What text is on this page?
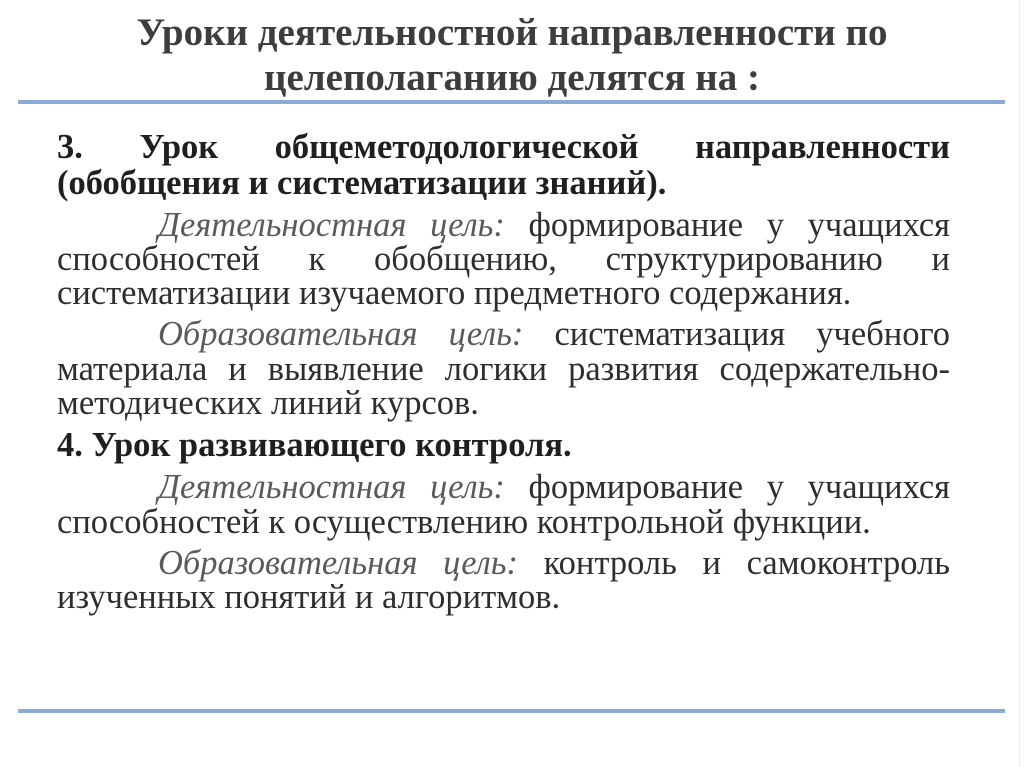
Уроки деятельностной направленности по
целеполаганию делятся на :
3. Урок общеметодологической направленности
(обобщения и систематизации знаний).
Деятельностная цель: формирование у учащихся
способностей к обобщению, структурированию и
систематизации изучаемого предметного содержания.
Образовательная цель: систематизация учебного
материала и выявление логики развития содержательно-
методических линий курсов.
4. Урок развивающего контроля.
Деятельностная цель: формирование у учащихся
способностей к осуществлению контрольной функции.
Образовательная цель: контроль и самоконтроль
изученных понятий и алгоритмов.
